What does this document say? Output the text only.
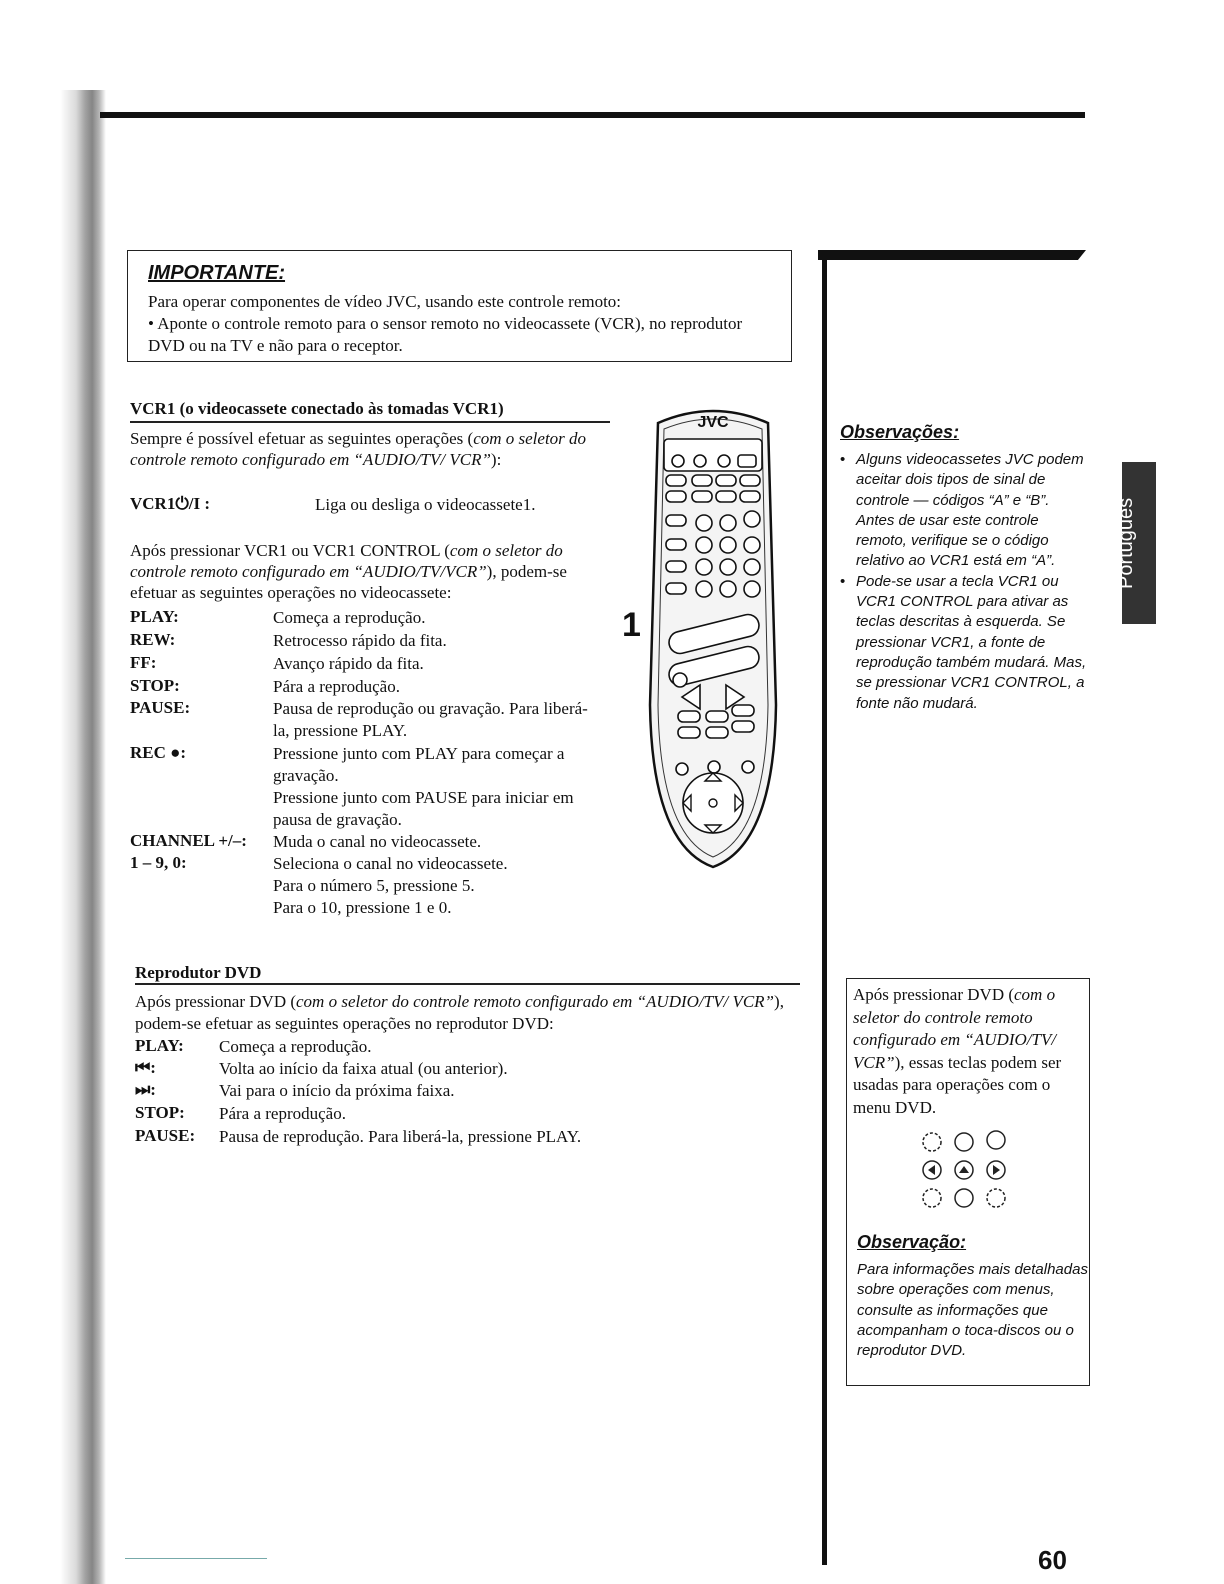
IMPORTANTE:
Para operar componentes de vídeo JVC, usando este controle remoto:
• Aponte o controle remoto para o sensor remoto no videocassete (VCR), no reprodutor DVD ou na TV e não para o receptor.
Português
VCR1 (o videocassete conectado às tomadas VCR1)
Sempre é possível efetuar as seguintes operações (com o seletor do controle remoto configurado em “AUDIO/TV/ VCR”):
VCR1⏻/I :	Liga ou desliga o videocassete1.
Após pressionar VCR1 ou VCR1 CONTROL (com o seletor do controle remoto configurado em “AUDIO/TV/VCR”), podem-se efetuar as seguintes operações no videocassete:
PLAY:	Começa a reprodução.
REW:	Retrocesso rápido da fita.
FF:	Avanço rápido da fita.
STOP:	Pára a reprodução.
PAUSE:	Pausa de reprodução ou gravação. Para liberá-la, pressione PLAY.
REC ●:	Pressione junto com PLAY para começar a gravação.
Pressione junto com PAUSE para iniciar em pausa de gravação.
CHANNEL +/–: Muda o canal no videocassete.
1 – 9, 0:	Seleciona o canal no videocassete.
Para o número 5, pressione 5.
Para o 10, pressione 1 e 0.
1
JVC	Observações:
• Alguns videocassetes JVC podem aceitar dois tipos de sinal de controle — códigos “A” e “B”. Antes de usar este controle remoto, verifique se o código relativo ao VCR1 está em “A”.
• Pode-se usar a tecla VCR1 ou VCR1 CONTROL para ativar as teclas descritas à esquerda. Se pressionar VCR1, a fonte de reprodução também mudará. Mas, se pressionar VCR1 CONTROL, a fonte não mudará.
Reprodutor DVD
Após pressionar DVD (com o seletor do controle remoto configurado em “AUDIO/TV/ VCR”), podem-se efetuar as seguintes operações no reprodutor DVD:
PLAY: Começa a reprodução.
⏮:	Volta ao início da faixa atual (ou anterior).
⏭:	Vai para o início da próxima faixa.
STOP: Pára a reprodução.
PAUSE: Pausa de reprodução. Para liberá-la, pressione PLAY.
Após pressionar DVD (com o seletor do controle remoto configurado em “AUDIO/TV/ VCR”), essas teclas podem ser usadas para operações com o menu DVD.
Observação:
Para informações mais detalhadas sobre operações com menus, consulte as informações que acompanham o toca-discos ou o reprodutor DVD.
60
